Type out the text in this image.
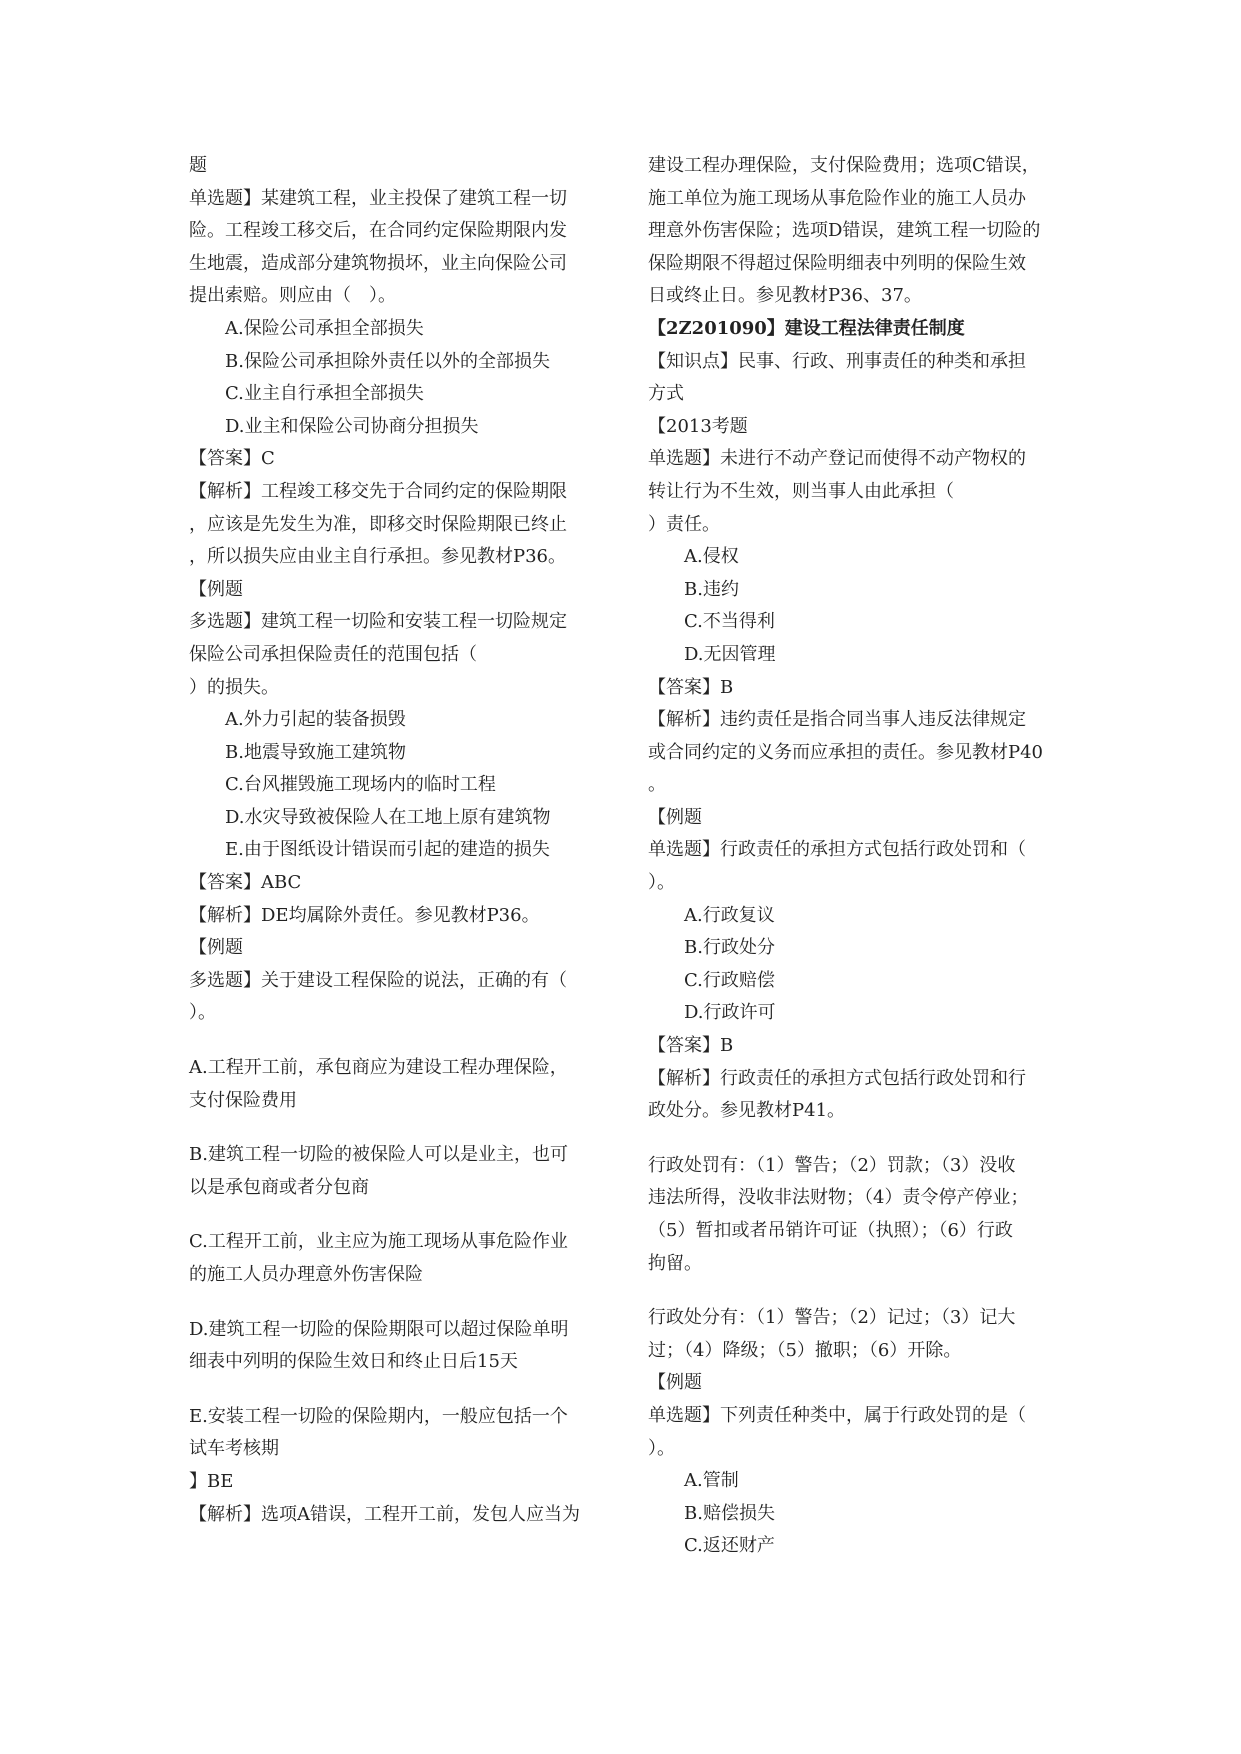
题
单选题】某建筑工程，业主投保了建筑工程一切
险。工程竣工移交后，在合同约定保险期限内发
生地震，造成部分建筑物损坏，业主向保险公司
提出索赔。则应由（　）。
A.保险公司承担全部损失
B.保险公司承担除外责任以外的全部损失
C.业主自行承担全部损失
D.业主和保险公司协商分担损失
【答案】C
【解析】工程竣工移交先于合同约定的保险期限
，应该是先发生为准，即移交时保险期限已终止
，所以损失应由业主自行承担。参见教材P36。
【例题
多选题】建筑工程一切险和安装工程一切险规定
保险公司承担保险责任的范围包括（
）的损失。
A.外力引起的装备损毁
B.地震导致施工建筑物
C.台风摧毁施工现场内的临时工程
D.水灾导致被保险人在工地上原有建筑物
E.由于图纸设计错误而引起的建造的损失
【答案】ABC
【解析】DE均属除外责任。参见教材P36。
【例题
多选题】关于建设工程保险的说法，正确的有（
）。
A.工程开工前，承包商应为建设工程办理保险，
支付保险费用
B.建筑工程一切险的被保险人可以是业主，也可
以是承包商或者分包商
C.工程开工前，业主应为施工现场从事危险作业
的施工人员办理意外伤害保险
D.建筑工程一切险的保险期限可以超过保险单明
细表中列明的保险生效日和终止日后15天
E.安装工程一切险的保险期内，一般应包括一个
试车考核期
】BE
【解析】选项A错误，工程开工前，发包人应当为
建设工程办理保险，支付保险费用；选项C错误，
施工单位为施工现场从事危险作业的施工人员办
理意外伤害保险；选项D错误，建筑工程一切险的
保险期限不得超过保险明细表中列明的保险生效
日或终止日。参见教材P36、37。
【2Z201090】建设工程法律责任制度
【知识点】民事、行政、刑事责任的种类和承担
方式
【2013考题
单选题】未进行不动产登记而使得不动产物权的
转让行为不生效，则当事人由此承担（
）责任。
A.侵权
B.违约
C.不当得利
D.无因管理
【答案】B
【解析】违约责任是指合同当事人违反法律规定
或合同约定的义务而应承担的责任。参见教材P40
。
【例题
单选题】行政责任的承担方式包括行政处罚和（
）。
A.行政复议
B.行政处分
C.行政赔偿
D.行政许可
【答案】B
【解析】行政责任的承担方式包括行政处罚和行
政处分。参见教材P41。
行政处罚有：（1）警告；（2）罚款；（3）没收
违法所得，没收非法财物；（4）责令停产停业；
（5）暂扣或者吊销许可证（执照）；（6）行政
拘留。
行政处分有：（1）警告；（2）记过；（3）记大
过；（4）降级；（5）撤职；（6）开除。
【例题
单选题】下列责任种类中，属于行政处罚的是（
）。
A.管制
B.赔偿损失
C.返还财产
